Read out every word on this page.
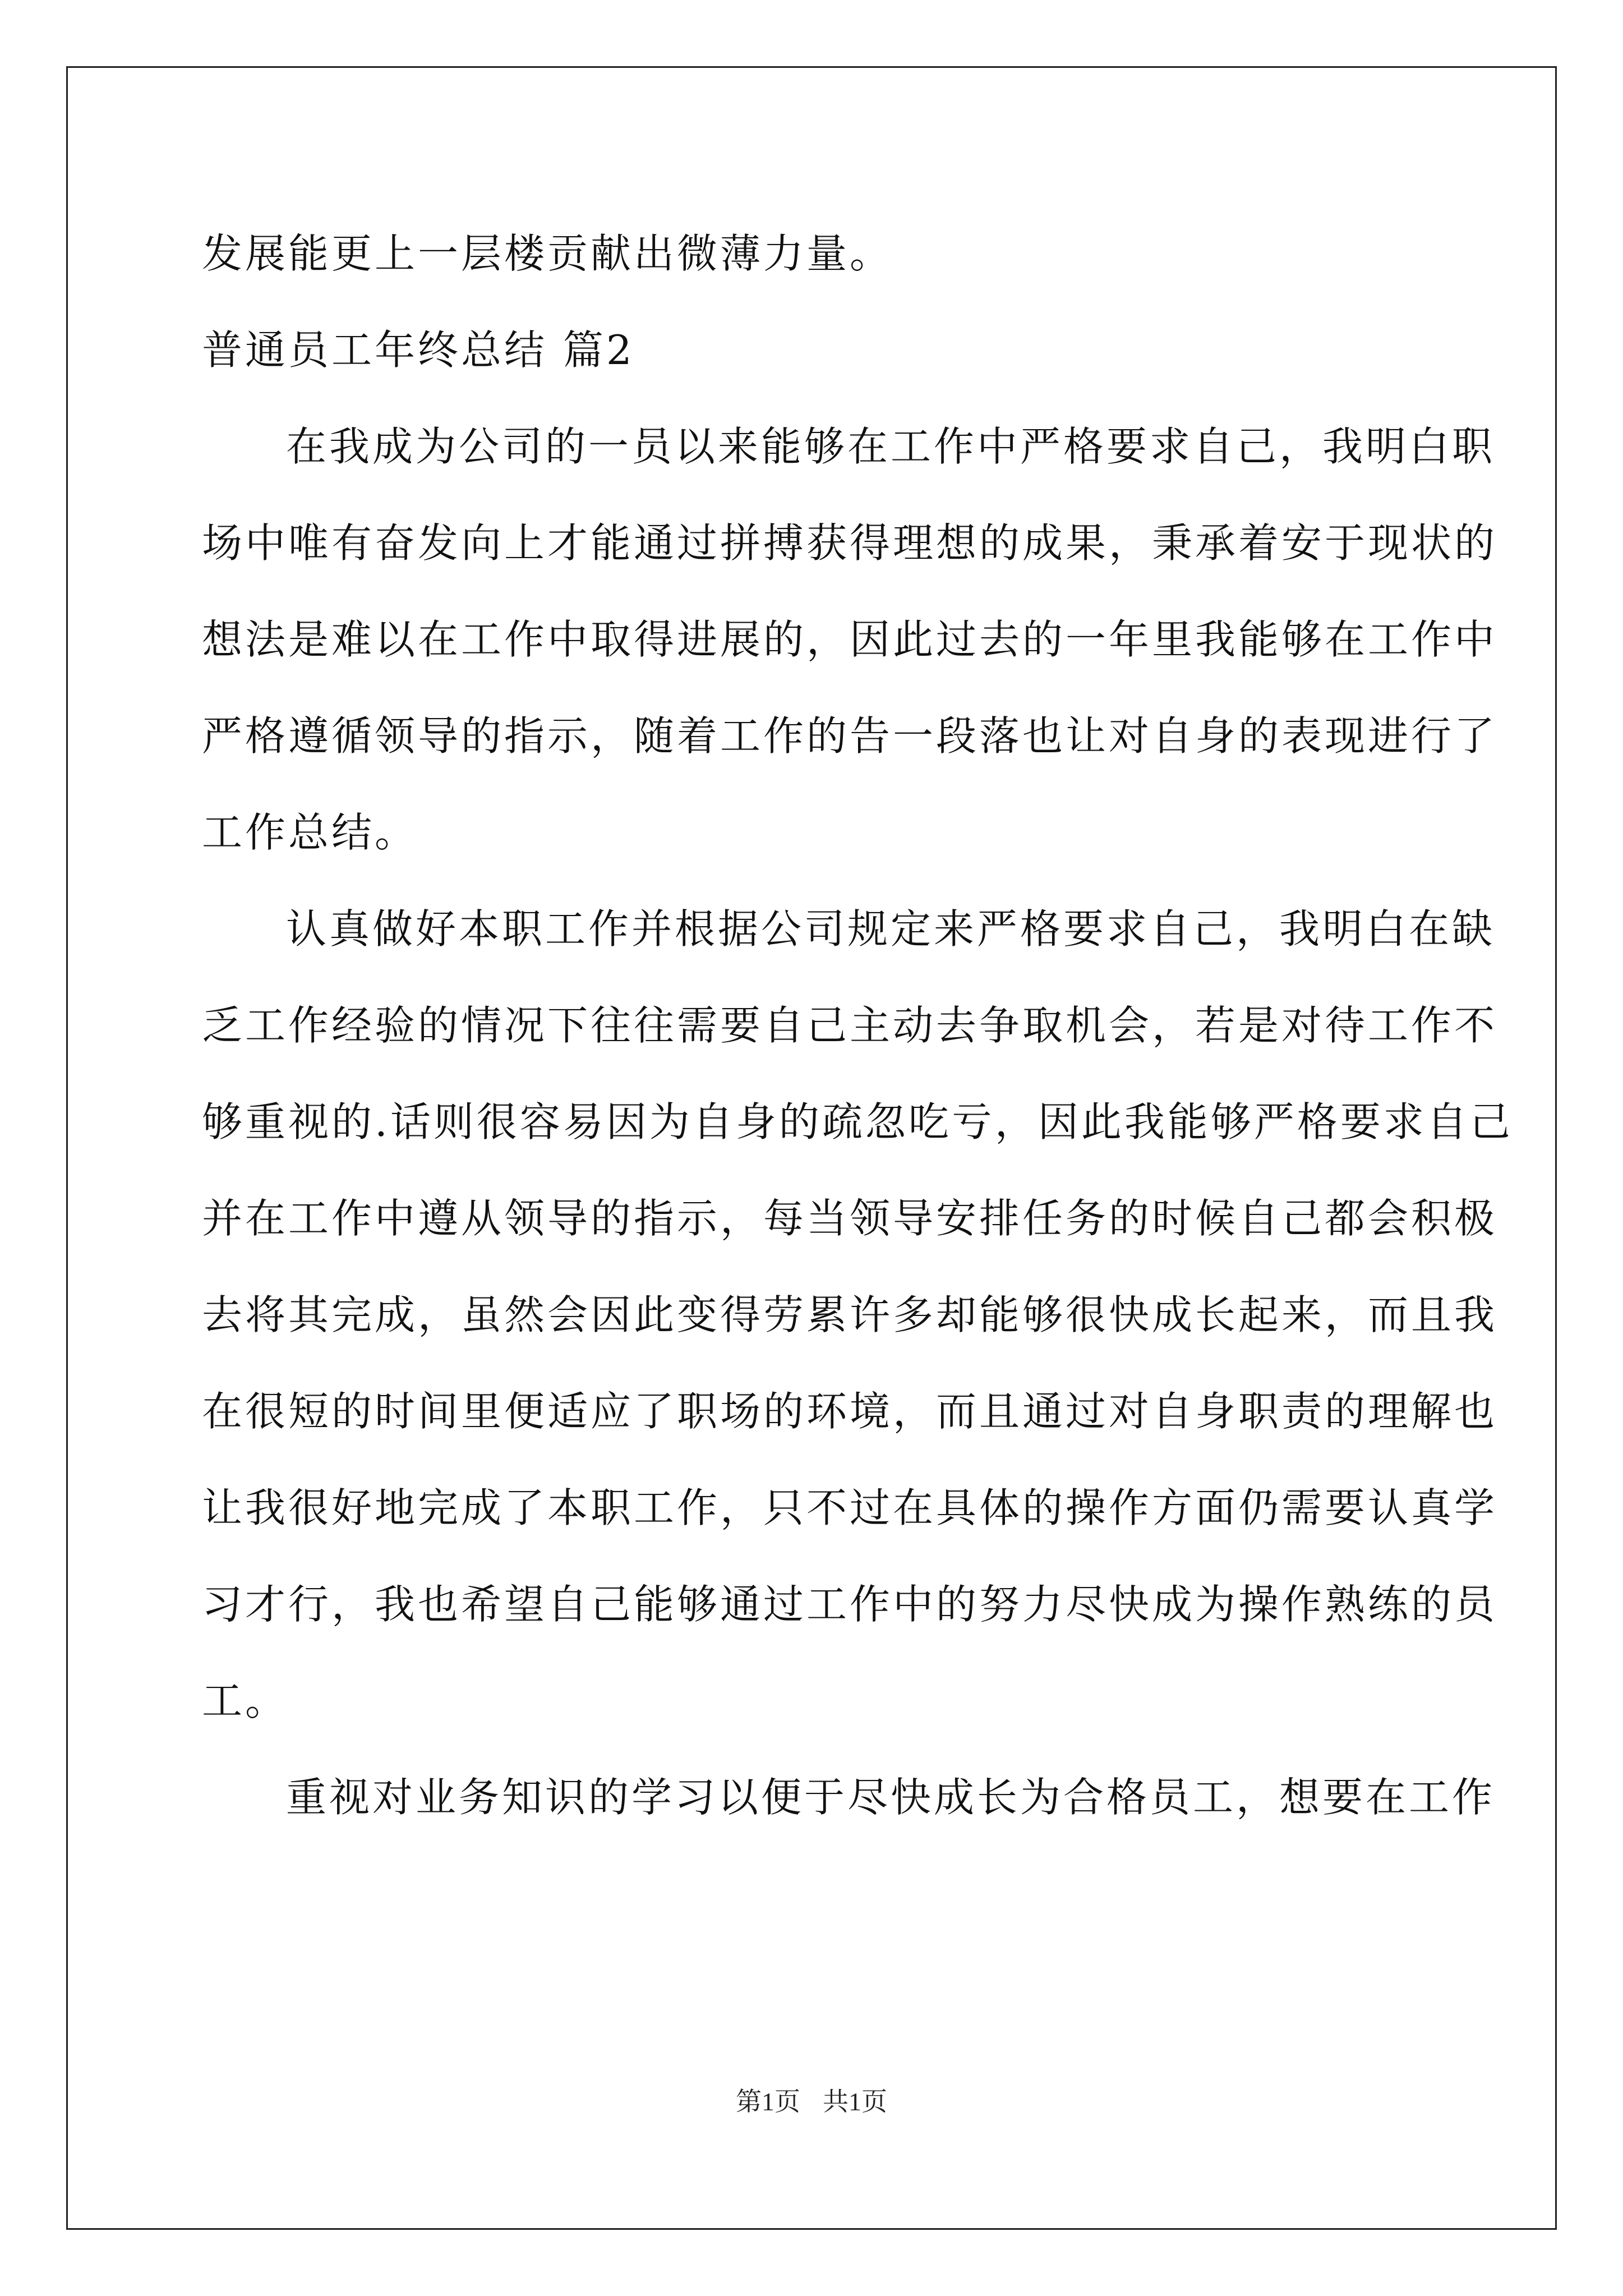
发展能更上一层楼贡献出微薄力量。
普通员工年终总结 篇2
在我成为公司的一员以来能够在工作中严格要求自己，我明白职
场中唯有奋发向上才能通过拼搏获得理想的成果，秉承着安于现状的
想法是难以在工作中取得进展的，因此过去的一年里我能够在工作中
严格遵循领导的指示，随着工作的告一段落也让对自身的表现进行了
工作总结。
认真做好本职工作并根据公司规定来严格要求自己，我明白在缺
乏工作经验的情况下往往需要自己主动去争取机会，若是对待工作不
够重视的.话则很容易因为自身的疏忽吃亏，因此我能够严格要求自己
并在工作中遵从领导的指示，每当领导安排任务的时候自己都会积极
去将其完成，虽然会因此变得劳累许多却能够很快成长起来，而且我
在很短的时间里便适应了职场的环境，而且通过对自身职责的理解也
让我很好地完成了本职工作，只不过在具体的操作方面仍需要认真学
习才行，我也希望自己能够通过工作中的努力尽快成为操作熟练的员
工。
重视对业务知识的学习以便于尽快成长为合格员工，想要在工作
第1页 共1页
